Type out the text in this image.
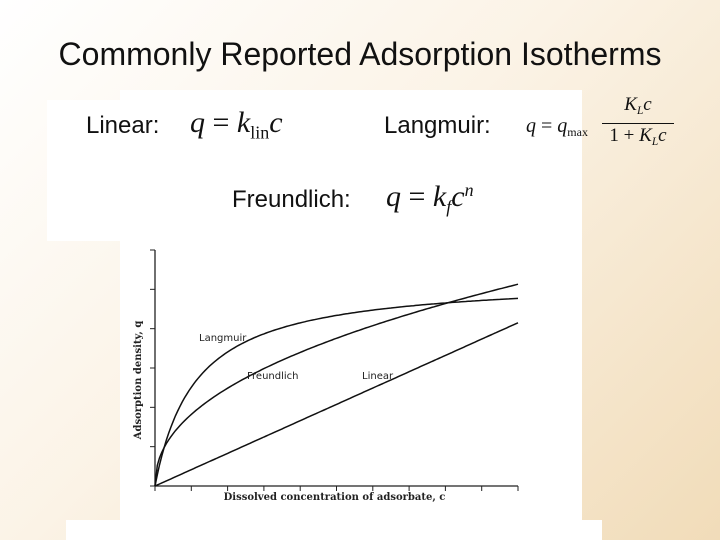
Commonly Reported Adsorption Isotherms
Linear: $q = k_{lin}c$	Langmuir: $q = q_{max}$
$K_Lc$
$1 + K_Lc$
Freundlich: $q = k_fc^n$
Langmuir
Freundlich	Linear
Dissolved concentration of adsorbate, c
Adsorption density, q
